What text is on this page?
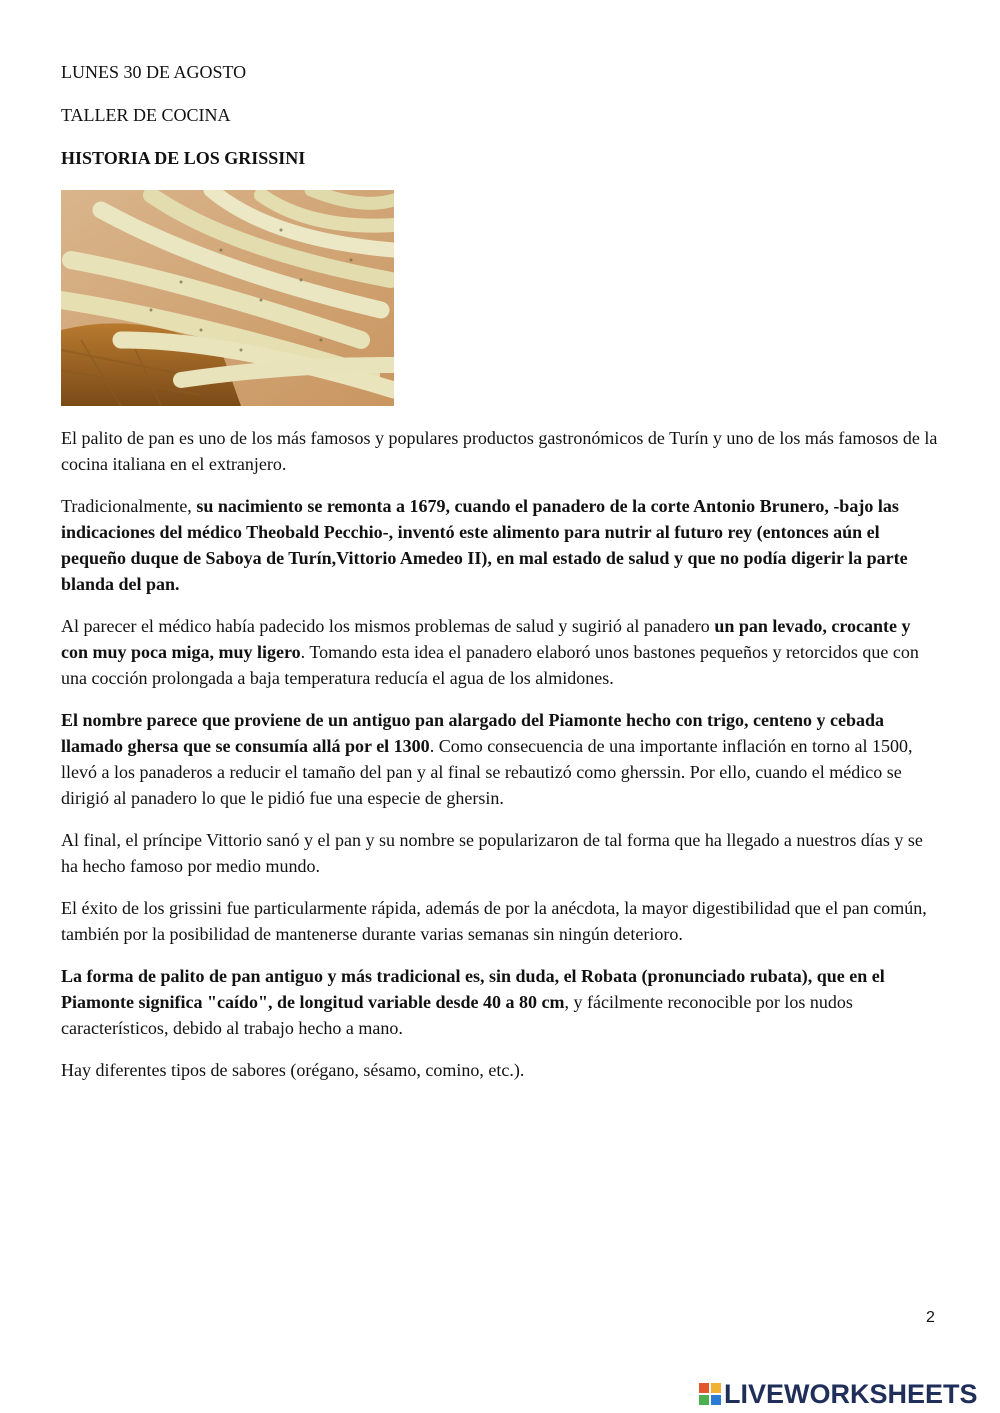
LUNES 30 DE AGOSTO

TALLER DE COCINA

HISTORIA DE LOS GRISSINI

El palito de pan es uno de los más famosos y populares productos gastronómicos de Turín y uno de los más famosos de la cocina italiana en el extranjero.

Tradicionalmente, su nacimiento se remonta a 1679, cuando el panadero de la corte Antonio Brunero, -bajo las indicaciones del médico Theobald Pecchio-, inventó este alimento para nutrir al futuro rey (entonces aún el pequeño duque de Saboya de Turín,Vittorio Amedeo II), en mal estado de salud y que no podía digerir la parte blanda del pan.

Al parecer el médico había padecido los mismos problemas de salud y sugirió al panadero un pan levado, crocante y con muy poca miga, muy ligero. Tomando esta idea el panadero elaboró unos bastones pequeños y retorcidos que con una cocción prolongada a baja temperatura reducía el agua de los almidones.

El nombre parece que proviene de un antiguo pan alargado del Piamonte hecho con trigo, centeno y cebada llamado ghersa que se consumía allá por el 1300. Como consecuencia de una importante inflación en torno al 1500, llevó a los panaderos a reducir el tamaño del pan y al final se rebautizó como gherssin. Por ello, cuando el médico se dirigió al panadero lo que le pidió fue una especie de ghersin.

Al final, el príncipe Vittorio sanó y el pan y su nombre se popularizaron de tal forma que ha llegado a nuestros días y se ha hecho famoso por medio mundo.

El éxito de los grissini fue particularmente rápida, además de por la anécdota, la mayor digestibilidad que el pan común, también por la posibilidad de mantenerse durante varias semanas sin ningún deterioro.

La forma de palito de pan antiguo y más tradicional es, sin duda, el Robata (pronunciado rubata), que en el Piamonte significa "caído", de longitud variable desde 40 a 80 cm, y fácilmente reconocible por los nudos característicos, debido al trabajo hecho a mano.

Hay diferentes tipos de sabores (orégano, sésamo, comino, etc.).

2
LIVEWORKSHEETS
